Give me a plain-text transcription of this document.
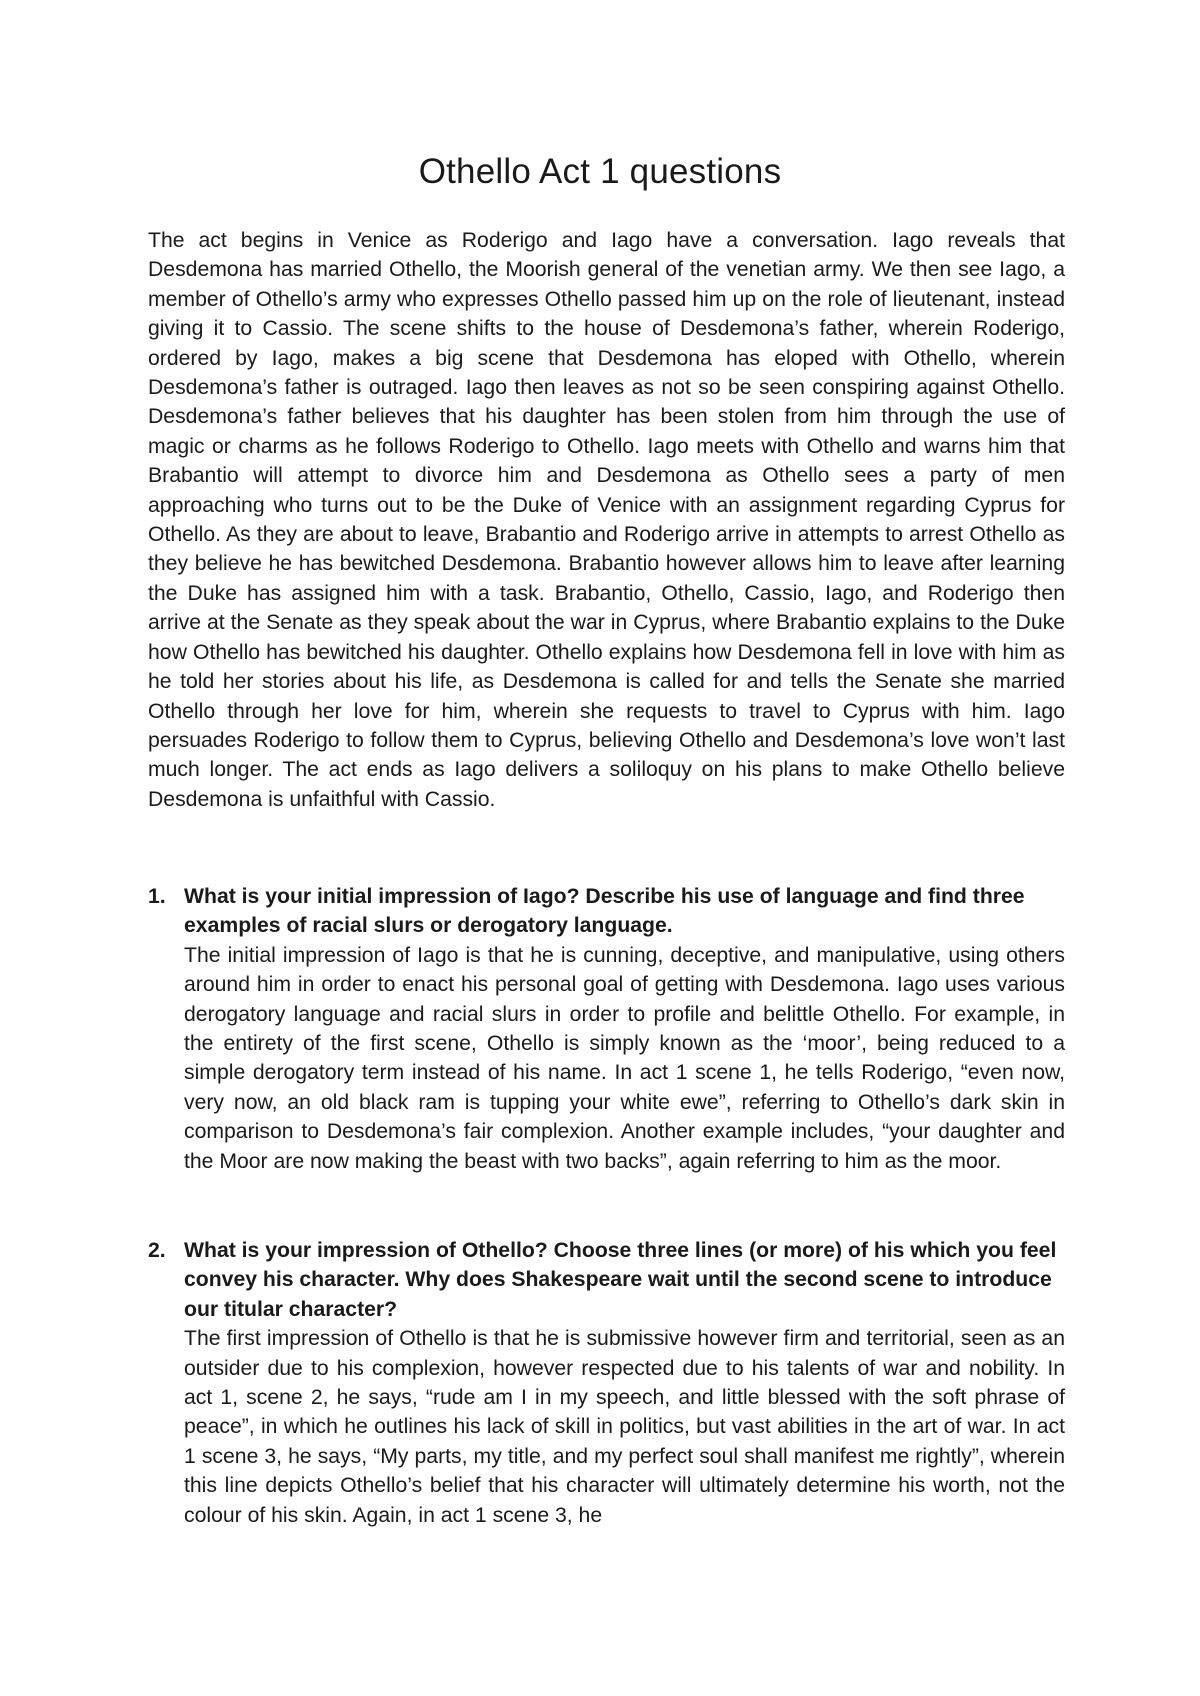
Othello Act 1 questions

The act begins in Venice as Roderigo and Iago have a conversation. Iago reveals that Desdemona has married Othello, the Moorish general of the venetian army. We then see Iago, a member of Othello’s army who expresses Othello passed him up on the role of lieutenant, instead giving it to Cassio. The scene shifts to the house of Desdemona’s father, wherein Roderigo, ordered by Iago, makes a big scene that Desdemona has eloped with Othello, wherein Desdemona’s father is outraged. Iago then leaves as not so be seen conspiring against Othello. Desdemona’s father believes that his daughter has been stolen from him through the use of magic or charms as he follows Roderigo to Othello. Iago meets with Othello and warns him that Brabantio will attempt to divorce him and Desdemona as Othello sees a party of men approaching who turns out to be the Duke of Venice with an assignment regarding Cyprus for Othello. As they are about to leave, Brabantio and Roderigo arrive in attempts to arrest Othello as they believe he has bewitched Desdemona. Brabantio however allows him to leave after learning the Duke has assigned him with a task. Brabantio, Othello, Cassio, Iago, and Roderigo then arrive at the Senate as they speak about the war in Cyprus, where Brabantio explains to the Duke how Othello has bewitched his daughter. Othello explains how Desdemona fell in love with him as he told her stories about his life, as Desdemona is called for and tells the Senate she married Othello through her love for him, wherein she requests to travel to Cyprus with him. Iago persuades Roderigo to follow them to Cyprus, believing Othello and Desdemona’s love won’t last much longer. The act ends as Iago delivers a soliloquy on his plans to make Othello believe Desdemona is unfaithful with Cassio.

1. What is your initial impression of Iago? Describe his use of language and find three examples of racial slurs or derogatory language.

The initial impression of Iago is that he is cunning, deceptive, and manipulative, using others around him in order to enact his personal goal of getting with Desdemona. Iago uses various derogatory language and racial slurs in order to profile and belittle Othello. For example, in the entirety of the first scene, Othello is simply known as the ‘moor’, being reduced to a simple derogatory term instead of his name. In act 1 scene 1, he tells Roderigo, “even now, very now, an old black ram is tupping your white ewe”, referring to Othello’s dark skin in comparison to Desdemona’s fair complexion. Another example includes, “your daughter and the Moor are now making the beast with two backs”, again referring to him as the moor.

2. What is your impression of Othello? Choose three lines (or more) of his which you feel convey his character. Why does Shakespeare wait until the second scene to introduce our titular character?

The first impression of Othello is that he is submissive however firm and territorial, seen as an outsider due to his complexion, however respected due to his talents of war and nobility. In act 1, scene 2, he says, “rude am I in my speech, and little blessed with the soft phrase of peace”, in which he outlines his lack of skill in politics, but vast abilities in the art of war. In act 1 scene 3, he says, “My parts, my title, and my perfect soul shall manifest me rightly”, wherein this line depicts Othello’s belief that his character will ultimately determine his worth, not the colour of his skin. Again, in act 1 scene 3, he
